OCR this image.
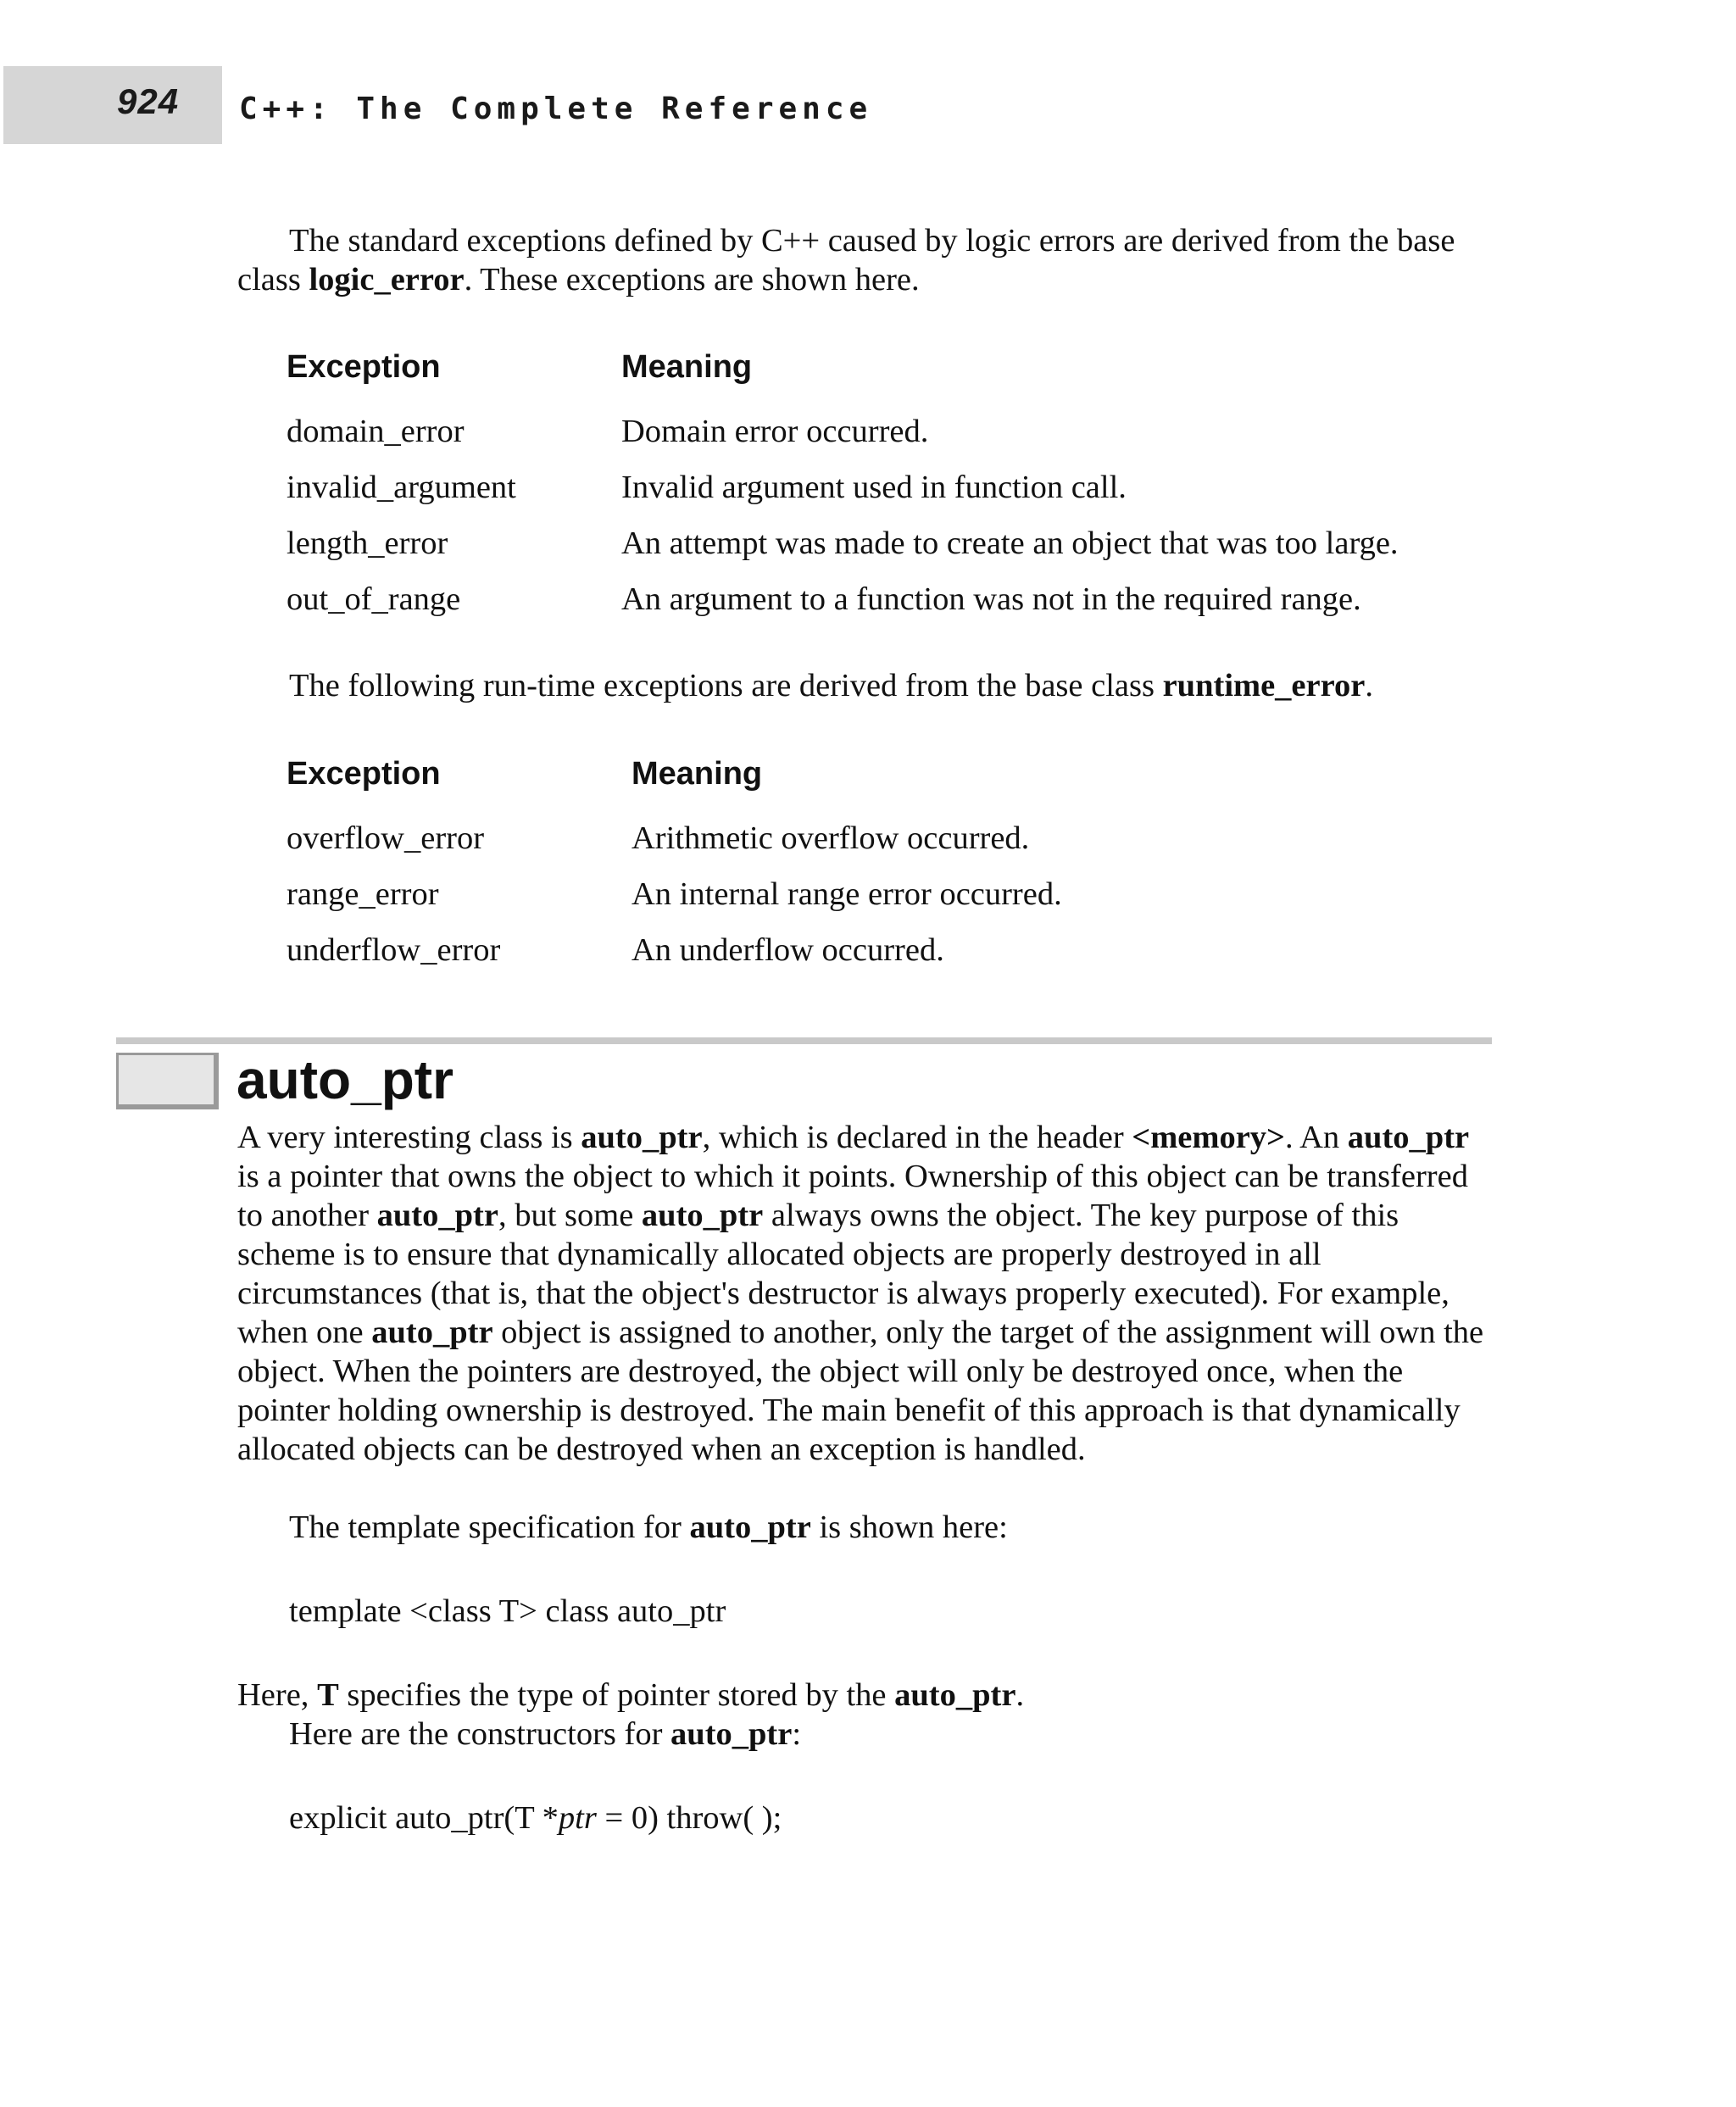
924 C++: The Complete Reference

The standard exceptions defined by C++ caused by logic errors are derived from the base class logic_error. These exceptions are shown here.

Exception	Meaning
domain_error	Domain error occurred.
invalid_argument	Invalid argument used in function call.
length_error	An attempt was made to create an object that was too large.
out_of_range	An argument to a function was not in the required range.

The following run-time exceptions are derived from the base class runtime_error.

Exception	Meaning
overflow_error	Arithmetic overflow occurred.
range_error	An internal range error occurred.
underflow_error	An underflow occurred.
auto_ptr

A very interesting class is auto_ptr, which is declared in the header <memory>. An auto_ptr is a pointer that owns the object to which it points. Ownership of this object can be transferred to another auto_ptr, but some auto_ptr always owns the object. The key purpose of this scheme is to ensure that dynamically allocated objects are properly destroyed in all circumstances (that is, that the object's destructor is always properly executed). For example, when one auto_ptr object is assigned to another, only the target of the assignment will own the object. When the pointers are destroyed, the object will only be destroyed once, when the pointer holding ownership is destroyed. The main benefit of this approach is that dynamically allocated objects can be destroyed when an exception is handled.

The template specification for auto_ptr is shown here:

template <class T> class auto_ptr

Here, T specifies the type of pointer stored by the auto_ptr.

Here are the constructors for auto_ptr:

explicit auto_ptr(T *ptr = 0) throw( );
